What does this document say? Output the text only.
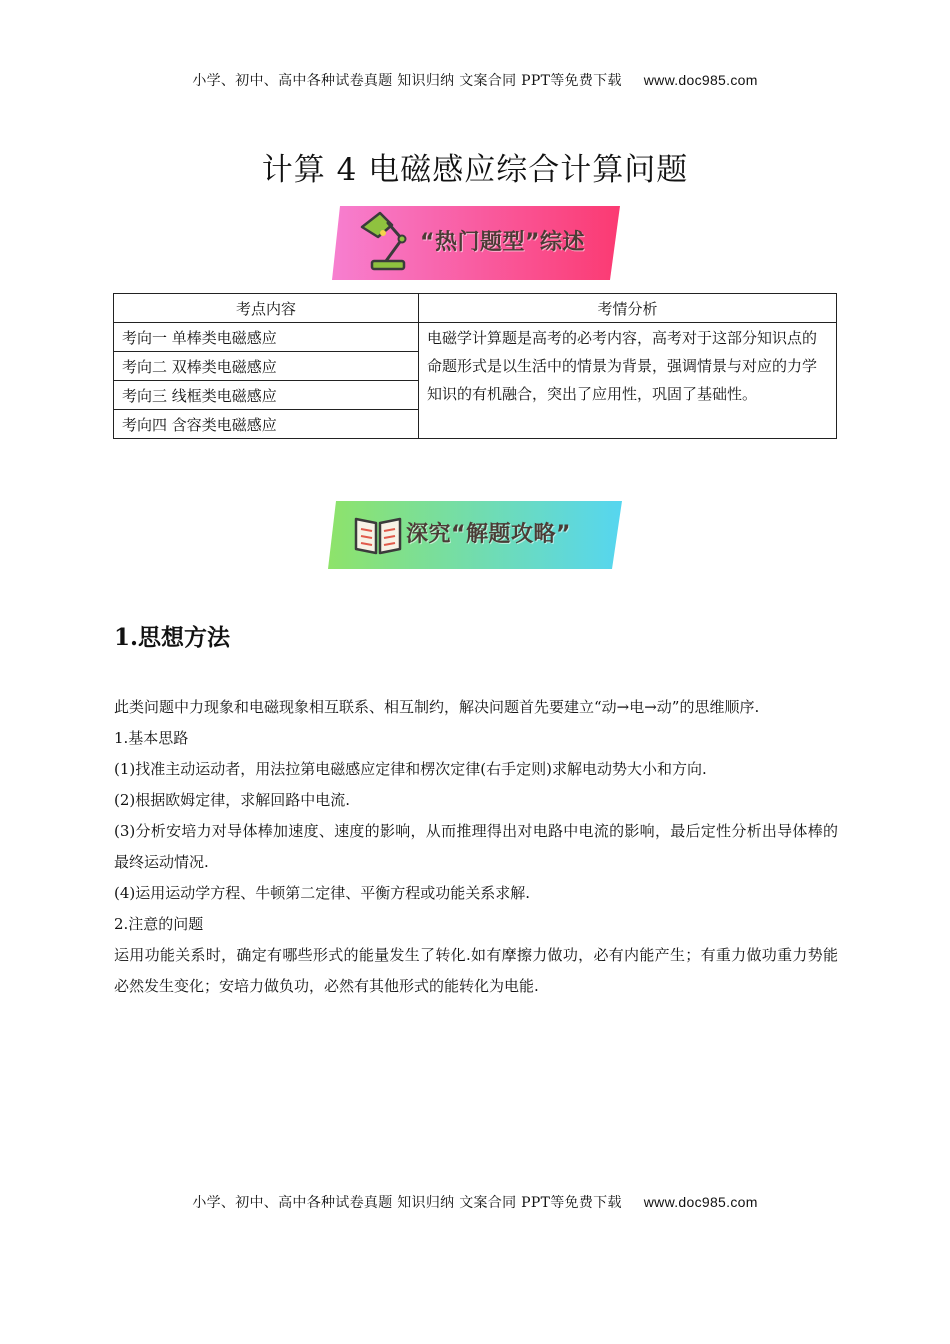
小学、初中、高中各种试卷真题 知识归纳 文案合同 PPT等免费下载 www.doc985.com
计算 4 电磁感应综合计算问题
“热门题型”综述
考点内容	考情分析
考向一 单棒类电磁感应	电磁学计算题是高考的必考内容，高考对于这部分知识点的命题形式是以生活中的情景为背景，强调情景与对应的力学知识的有机融合，突出了应用性，巩固了基础性。
考向二 双棒类电磁感应	
考向三 线框类电磁感应	
考向四 含容类电磁感应	
深究“解题攻略”
1.思想方法

此类问题中力现象和电磁现象相互联系、相互制约，解决问题首先要建立“动→电→动”的思维顺序.

1.基本思路

(1)找准主动运动者，用法拉第电磁感应定律和楞次定律(右手定则)求解电动势大小和方向.

(2)根据欧姆定律，求解回路中电流.

(3)分析安培力对导体棒加速度、速度的影响，从而推理得出对电路中电流的影响，最后定性分析出导体棒的最终运动情况.

(4)运用运动学方程、牛顿第二定律、平衡方程或功能关系求解.

2.注意的问题

运用功能关系时，确定有哪些形式的能量发生了转化.如有摩擦力做功，必有内能产生；有重力做功重力势能必然发生变化；安培力做负功，必然有其他形式的能转化为电能.

小学、初中、高中各种试卷真题 知识归纳 文案合同 PPT等免费下载 www.doc985.com
